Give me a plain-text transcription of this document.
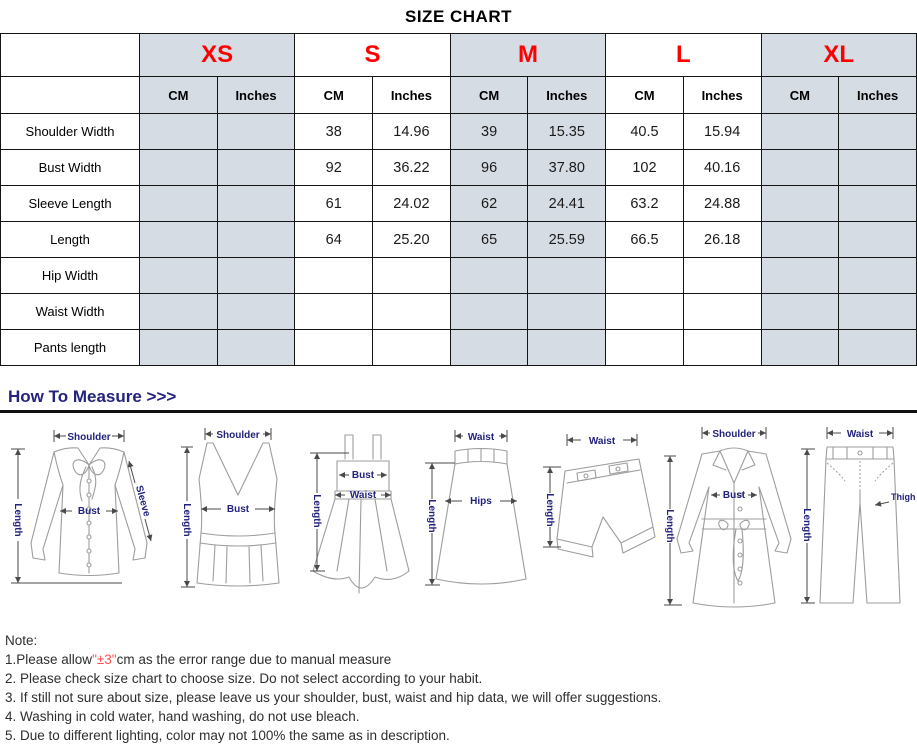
SIZE CHART
	XS		S		M		L		XL	
	CM	Inches	CM	Inches	CM	Inches	CM	Inches	CM	Inches
Shoulder Width			38	14.96	39	15.35	40.5	15.94		
Bust Width			92	36.22	96	37.80	102	40.16		
Sleeve Length			61	24.02	62	24.41	63.2	24.88		
Length			64	25.20	65	25.59	66.5	26.18		
Hip Width										
Waist Width										
Pants length										
How To Measure >>>
Shoulder
Bust
Length
Sleeve
Shoulder
Bust
Length
Bust
Waist
Length
Waist
Hips
Length
Waist
Length
Shoulder
Bust
Length
Waist
Thigh
Length
Note:
1.Please allow"±3"cm as the error range due to manual measure
2. Please check size chart to choose size. Do not select according to your habit.
3. If still not sure about size, please leave us your shoulder, bust, waist and hip data, we will offer suggestions.
4. Washing in cold water, hand washing, do not use bleach.
5. Due to different lighting, color may not 100% the same as in description.
